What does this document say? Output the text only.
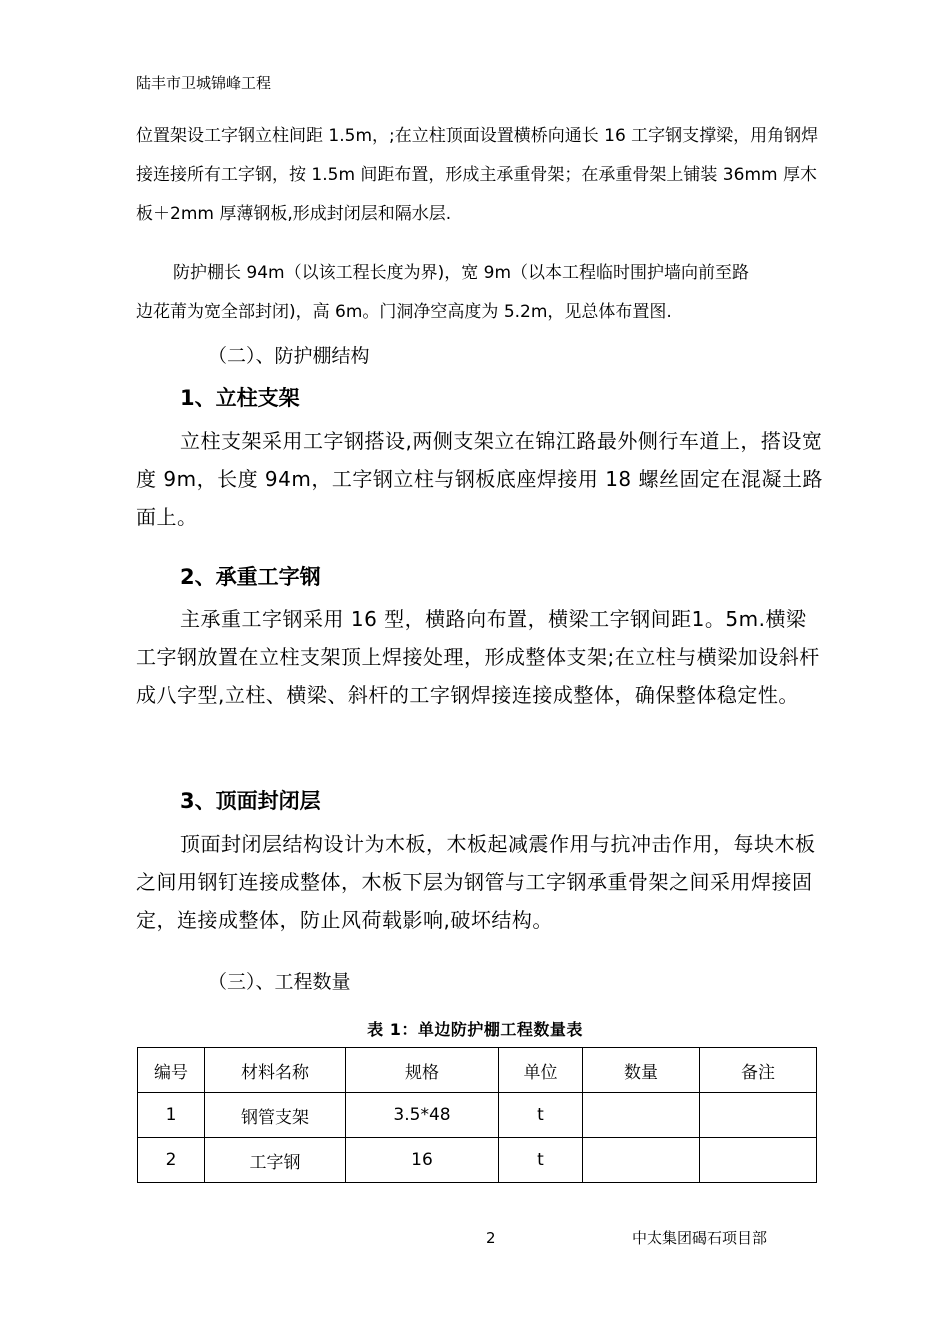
陆丰市卫城锦峰工程

位置架设工字钢立柱间距 1.5m，;在立柱顶面设置横桥向通长 16 工字钢支撑梁，用角钢焊接连接所有工字钢，按 1.5m 间距布置，形成主承重骨架；在承重骨架上铺装 36mm 厚木板＋2mm 厚薄钢板,形成封闭层和隔水层.

防护棚长 94m（以该工程长度为界)，宽 9m（以本工程临时围护墙向前至路
边花莆为宽全部封闭)，高 6m。门洞净空高度为 5.2m，见总体布置图.
（二）、防护棚结构
1、立柱支架

立柱支架采用工字钢搭设,两侧支架立在锦江路最外侧行车道上，搭设宽度 9m，长度 94m，工字钢立柱与钢板底座焊接用 18 螺丝固定在混凝土路面上。

2、承重工字钢

主承重工字钢采用 16 型，横路向布置，横梁工字钢间距1。5m.横梁工字钢放置在立柱支架顶上焊接处理，形成整体支架;在立柱与横梁加设斜杆成八字型,立柱、横梁、斜杆的工字钢焊接连接成整体，确保整体稳定性。

3、顶面封闭层

顶面封闭层结构设计为木板，木板起减震作用与抗冲击作用，每块木板之间用钢钉连接成整体，木板下层为钢管与工字钢承重骨架之间采用焊接固定，连接成整体，防止风荷载影响,破坏结构。

（三）、工程数量
表 1：单边防护棚工程数量表
编号	材料名称	规格	单位	数量	备注
1	钢管支架	3.5*48	t		
2	工字钢	16	t		
2	中太集团碣石项目部
